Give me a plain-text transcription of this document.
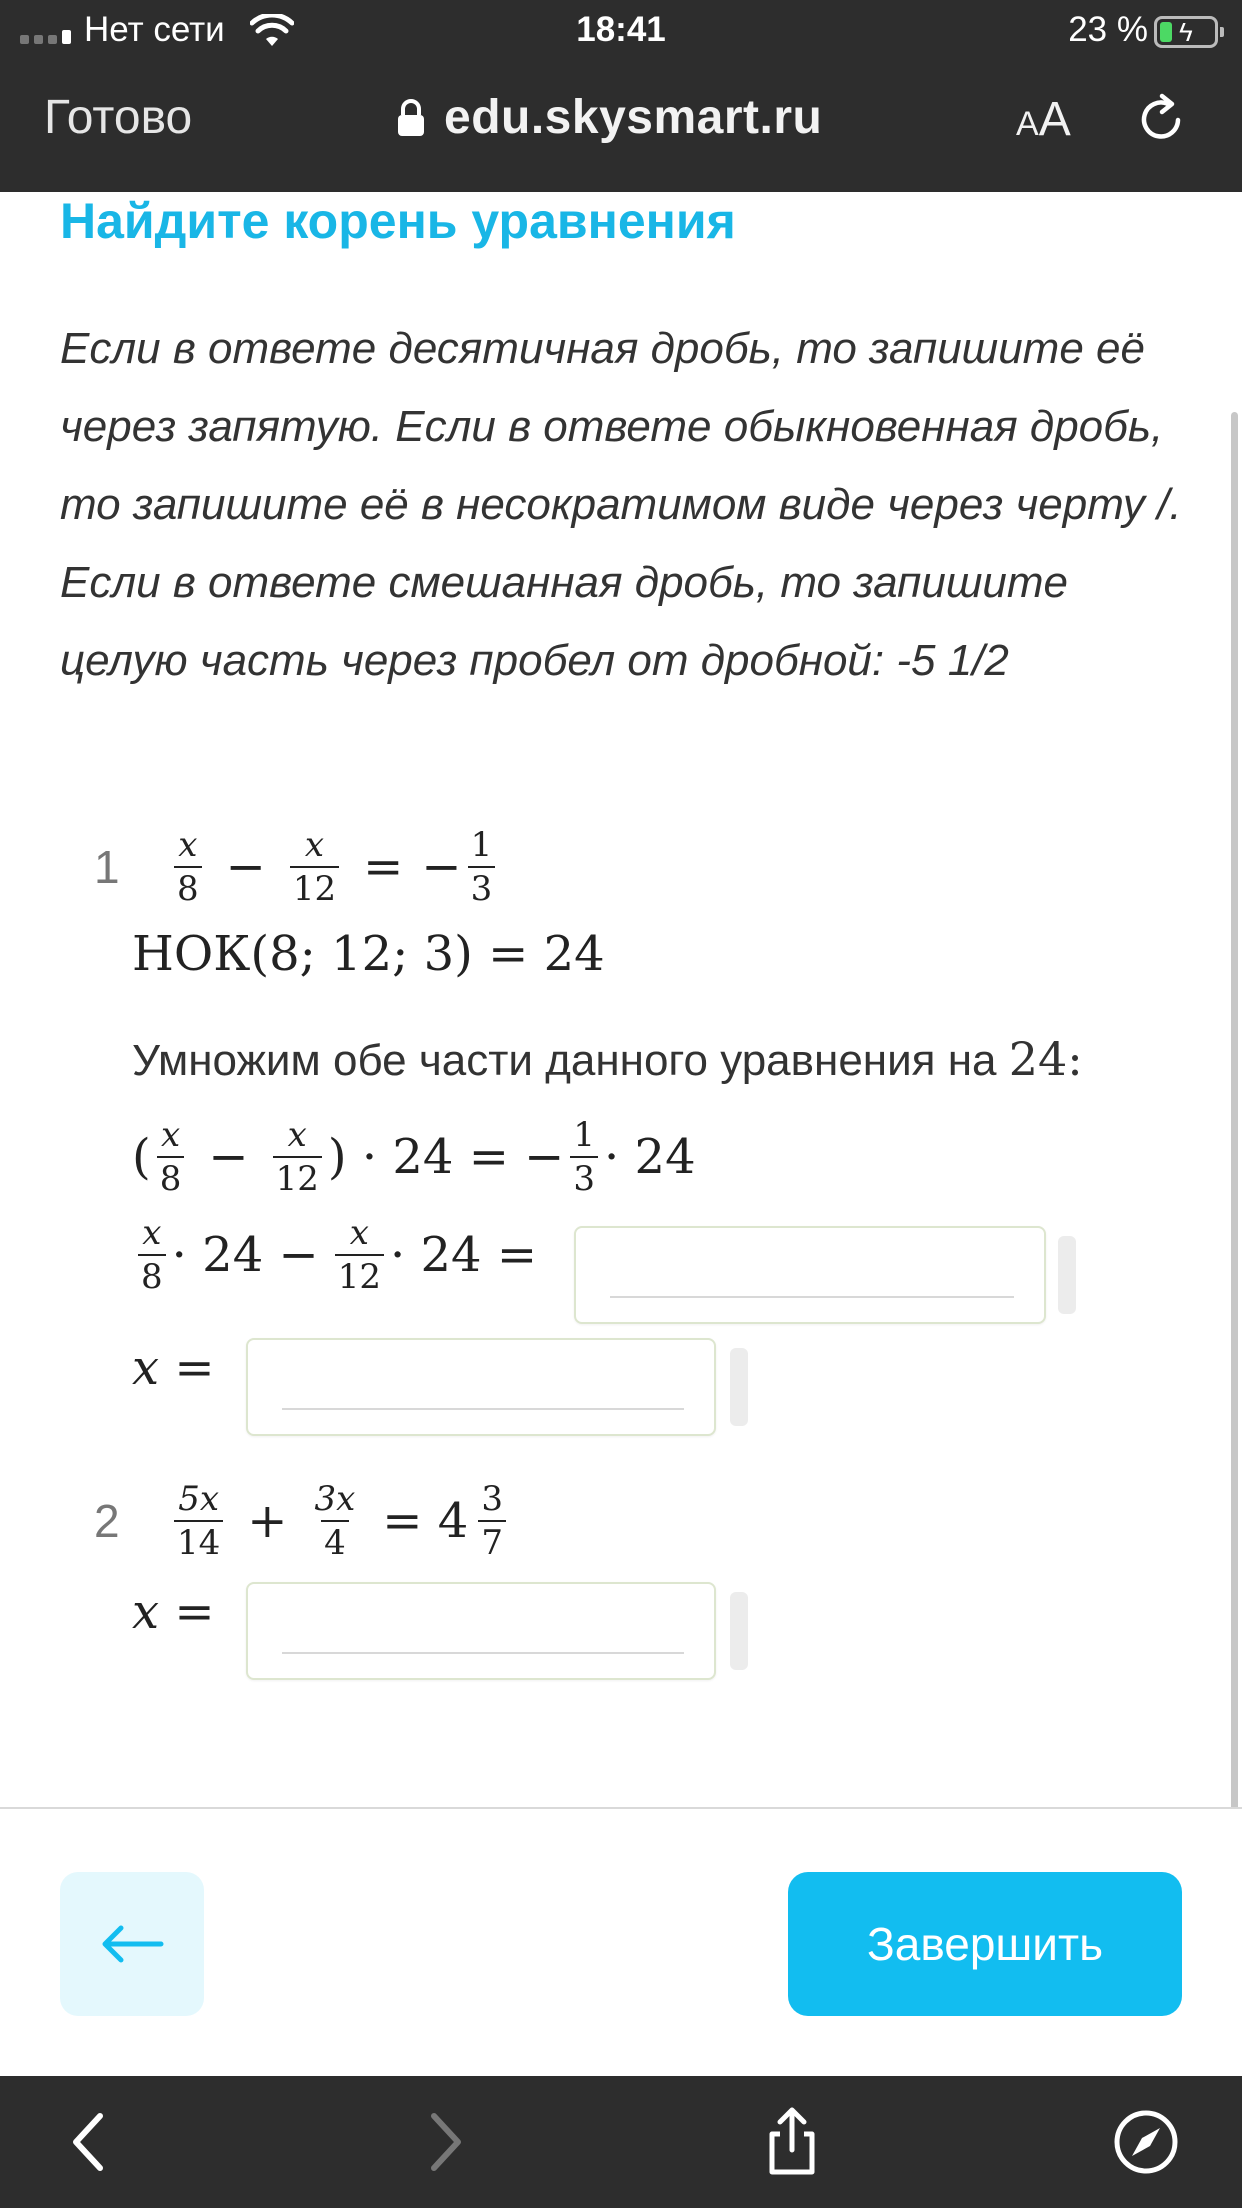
Нет сети	18:41	23 % ϟ
Готово	edu.skysmart.ru	AA
Найдите корень уравнения
Если в ответе десятичная дробь, то запишите её через запятую. Если в ответе обыкновенная дробь, то запишите её в несократимом виде через черту /. Если в ответе смешанная дробь, то запишите целую часть через пробел от дробной: -5 1/2
$1 \frac{x}{8} - \frac{x}{12}$ = − $\frac{1}{3}$
НОК(8; 12; 3) = 24
Умножим обе части данного уравнения на 24:
( $\frac{x}{8} - \frac{x}{12}$ ) · 24 = − $\frac{1}{3} \cdot 24$
$\frac{x}{8} \cdot 24 - \frac{x}{12} \cdot 24$ =
x =
$2 \frac{5x}{14} + \frac{3x}{4} = 4 \frac{3}{7}$
x =
Завершить
